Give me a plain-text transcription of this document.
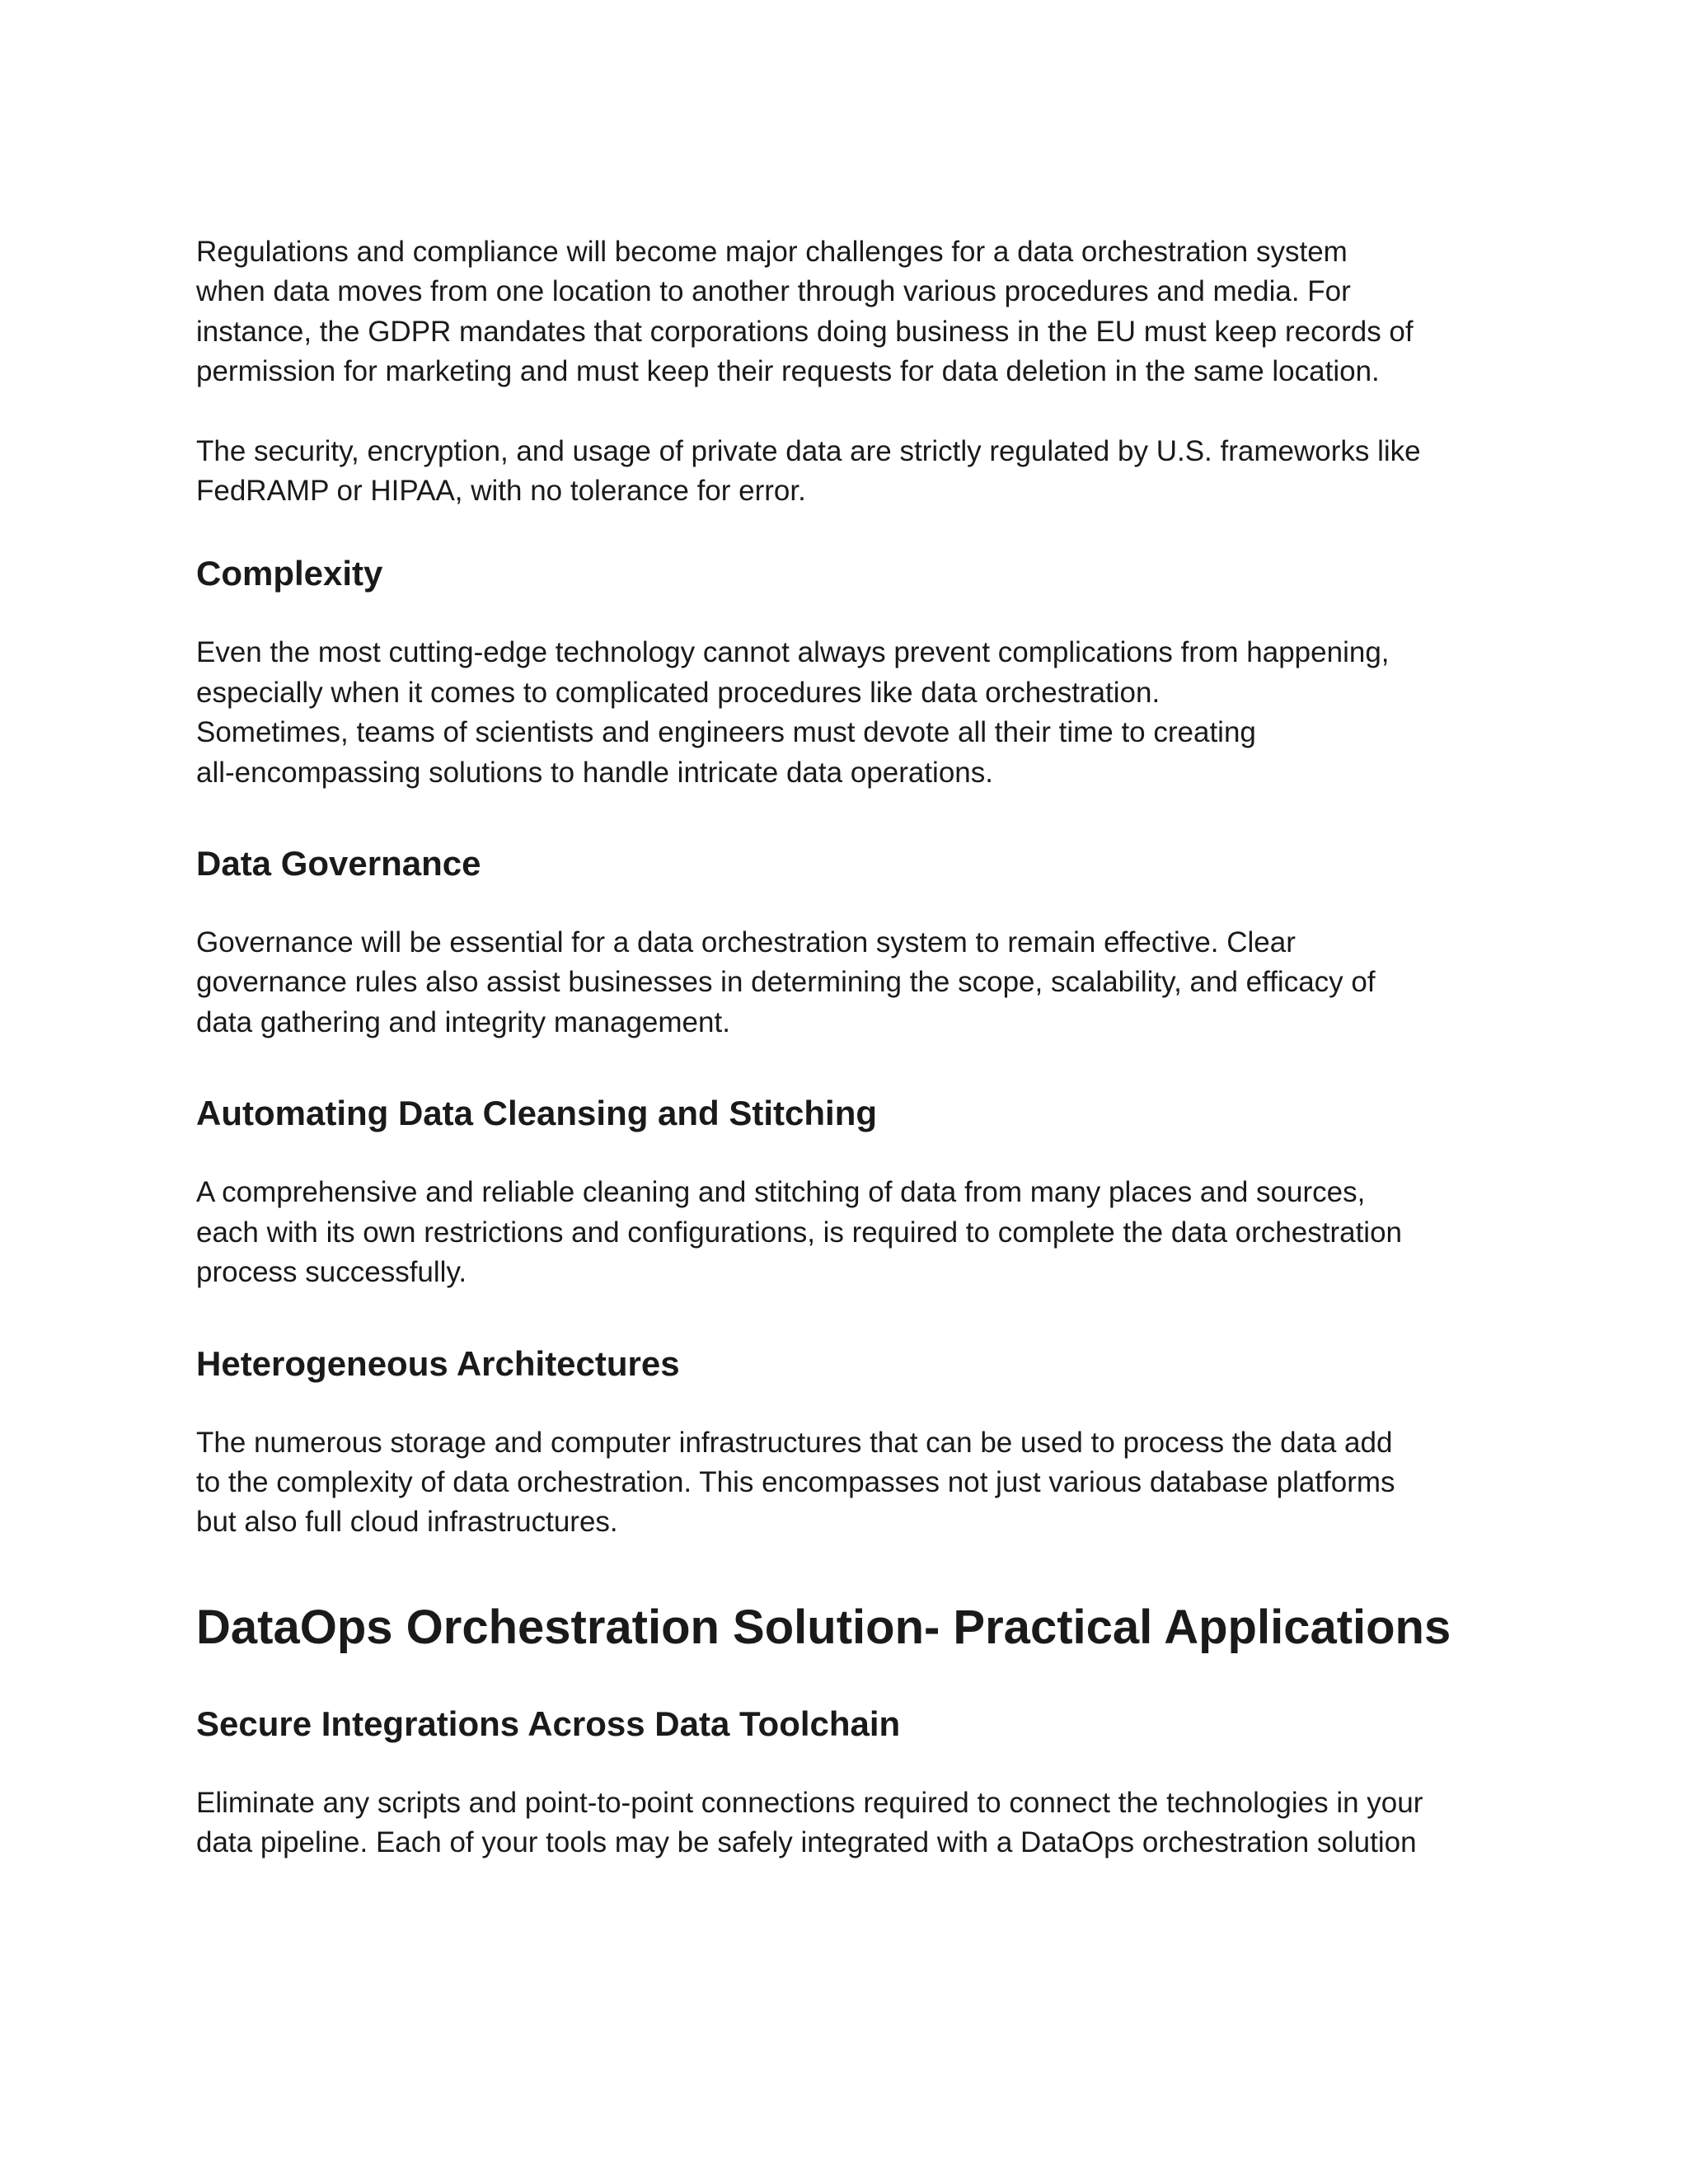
Regulations and compliance will become major challenges for a data orchestration system
when data moves from one location to another through various procedures and media. For
instance, the GDPR mandates that corporations doing business in the EU must keep records of
permission for marketing and must keep their requests for data deletion in the same location.

The security, encryption, and usage of private data are strictly regulated by U.S. frameworks like
FedRAMP or HIPAA, with no tolerance for error.

Complexity

Even the most cutting-edge technology cannot always prevent complications from happening,
especially when it comes to complicated procedures like data orchestration.
Sometimes, teams of scientists and engineers must devote all their time to creating
all-encompassing solutions to handle intricate data operations.

Data Governance

Governance will be essential for a data orchestration system to remain effective. Clear
governance rules also assist businesses in determining the scope, scalability, and efficacy of
data gathering and integrity management.

Automating Data Cleansing and Stitching

A comprehensive and reliable cleaning and stitching of data from many places and sources,
each with its own restrictions and configurations, is required to complete the data orchestration
process successfully.

Heterogeneous Architectures

The numerous storage and computer infrastructures that can be used to process the data add
to the complexity of data orchestration. This encompasses not just various database platforms
but also full cloud infrastructures.

DataOps Orchestration Solution- Practical Applications
Secure Integrations Across Data Toolchain

Eliminate any scripts and point-to-point connections required to connect the technologies in your
data pipeline. Each of your tools may be safely integrated with a DataOps orchestration solution
